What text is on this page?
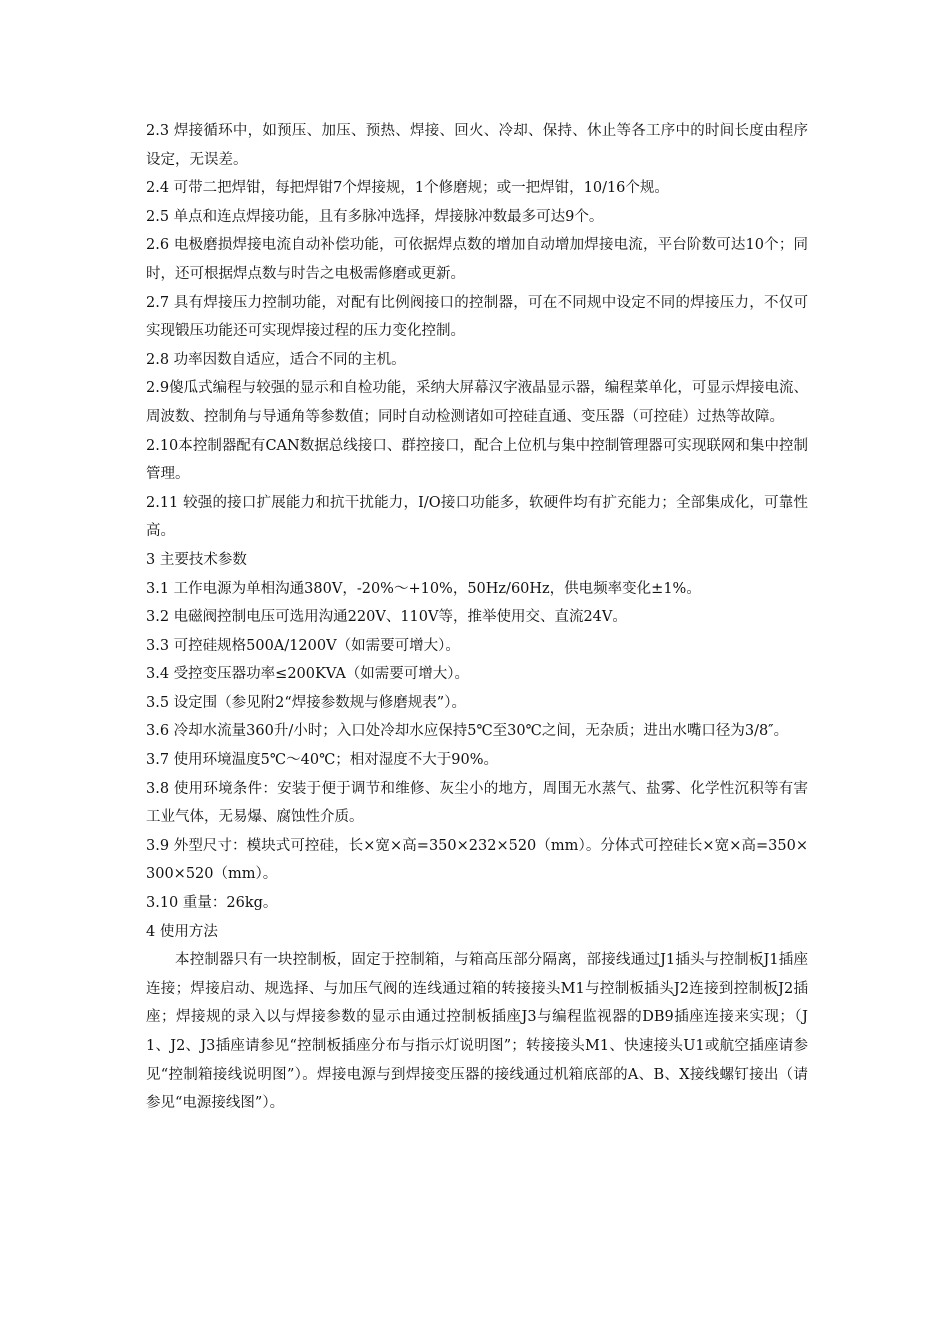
2.3 焊接循环中，如预压、加压、预热、焊接、回火、冷却、保持、休止等各工序中的时间长度由程序设定，无误差。

2.4 可带二把焊钳，每把焊钳7个焊接规，1个修磨规；或一把焊钳，10/16个规。

2.5 单点和连点焊接功能，且有多脉冲选择，焊接脉冲数最多可达9个。

2.6 电极磨损焊接电流自动补偿功能，可依据焊点数的增加自动增加焊接电流，平台阶数可达10个；同时，还可根据焊点数与时告之电极需修磨或更新。

2.7 具有焊接压力控制功能，对配有比例阀接口的控制器，可在不同规中设定不同的焊接压力，不仅可实现锻压功能还可实现焊接过程的压力变化控制。

2.8 功率因数自适应，适合不同的主机。

2.9傻瓜式编程与较强的显示和自检功能，采纳大屏幕汉字液晶显示器，编程菜单化，可显示焊接电流、周波数、控制角与导通角等参数值；同时自动检测诸如可控硅直通、变压器（可控硅）过热等故障。

2.10本控制器配有CAN数据总线接口、群控接口，配合上位机与集中控制管理器可实现联网和集中控制管理。

2.11 较强的接口扩展能力和抗干扰能力，I/O接口功能多，软硬件均有扩充能力；全部集成化，可靠性高。

3 主要技术参数

3.1 工作电源为单相沟通380V，-20%～+10%，50Hz/60Hz，供电频率变化±1%。

3.2 电磁阀控制电压可选用沟通220V、110V等，推举使用交、直流24V。

3.3 可控硅规格500A/1200V（如需要可增大）。

3.4 受控变压器功率≤200KVA（如需要可增大）。

3.5 设定围（参见附2“焊接参数规与修磨规表”）。

3.6 冷却水流量360升/小时；入口处冷却水应保持5℃至30℃之间，无杂质；进出水嘴口径为3/8″。

3.7 使用环境温度5℃～40℃；相对湿度不大于90%。

3.8 使用环境条件：安装于便于调节和维修、灰尘小的地方，周围无水蒸气、盐雾、化学性沉积等有害工业气体，无易爆、腐蚀性介质。

3.9 外型尺寸：模块式可控硅，长×宽×高=350×232×520（mm）。分体式可控硅长×宽×高=350×300×520（mm）。

3.10 重量：26kg。

4 使用方法

本控制器只有一块控制板，固定于控制箱，与箱高压部分隔离，部接线通过J1插头与控制板J1插座连接；焊接启动、规选择、与加压气阀的连线通过箱的转接接头M1与控制板插头J2连接到控制板J2插座；焊接规的录入以与焊接参数的显示由通过控制板插座J3与编程监视器的DB9插座连接来实现；（J1、J2、J3插座请参见“控制板插座分布与指示灯说明图”；转接接头M1、快速接头U1或航空插座请参见“控制箱接线说明图”）。焊接电源与到焊接变压器的接线通过机箱底部的A、B、X接线螺钉接出（请参见“电源接线图”）。
